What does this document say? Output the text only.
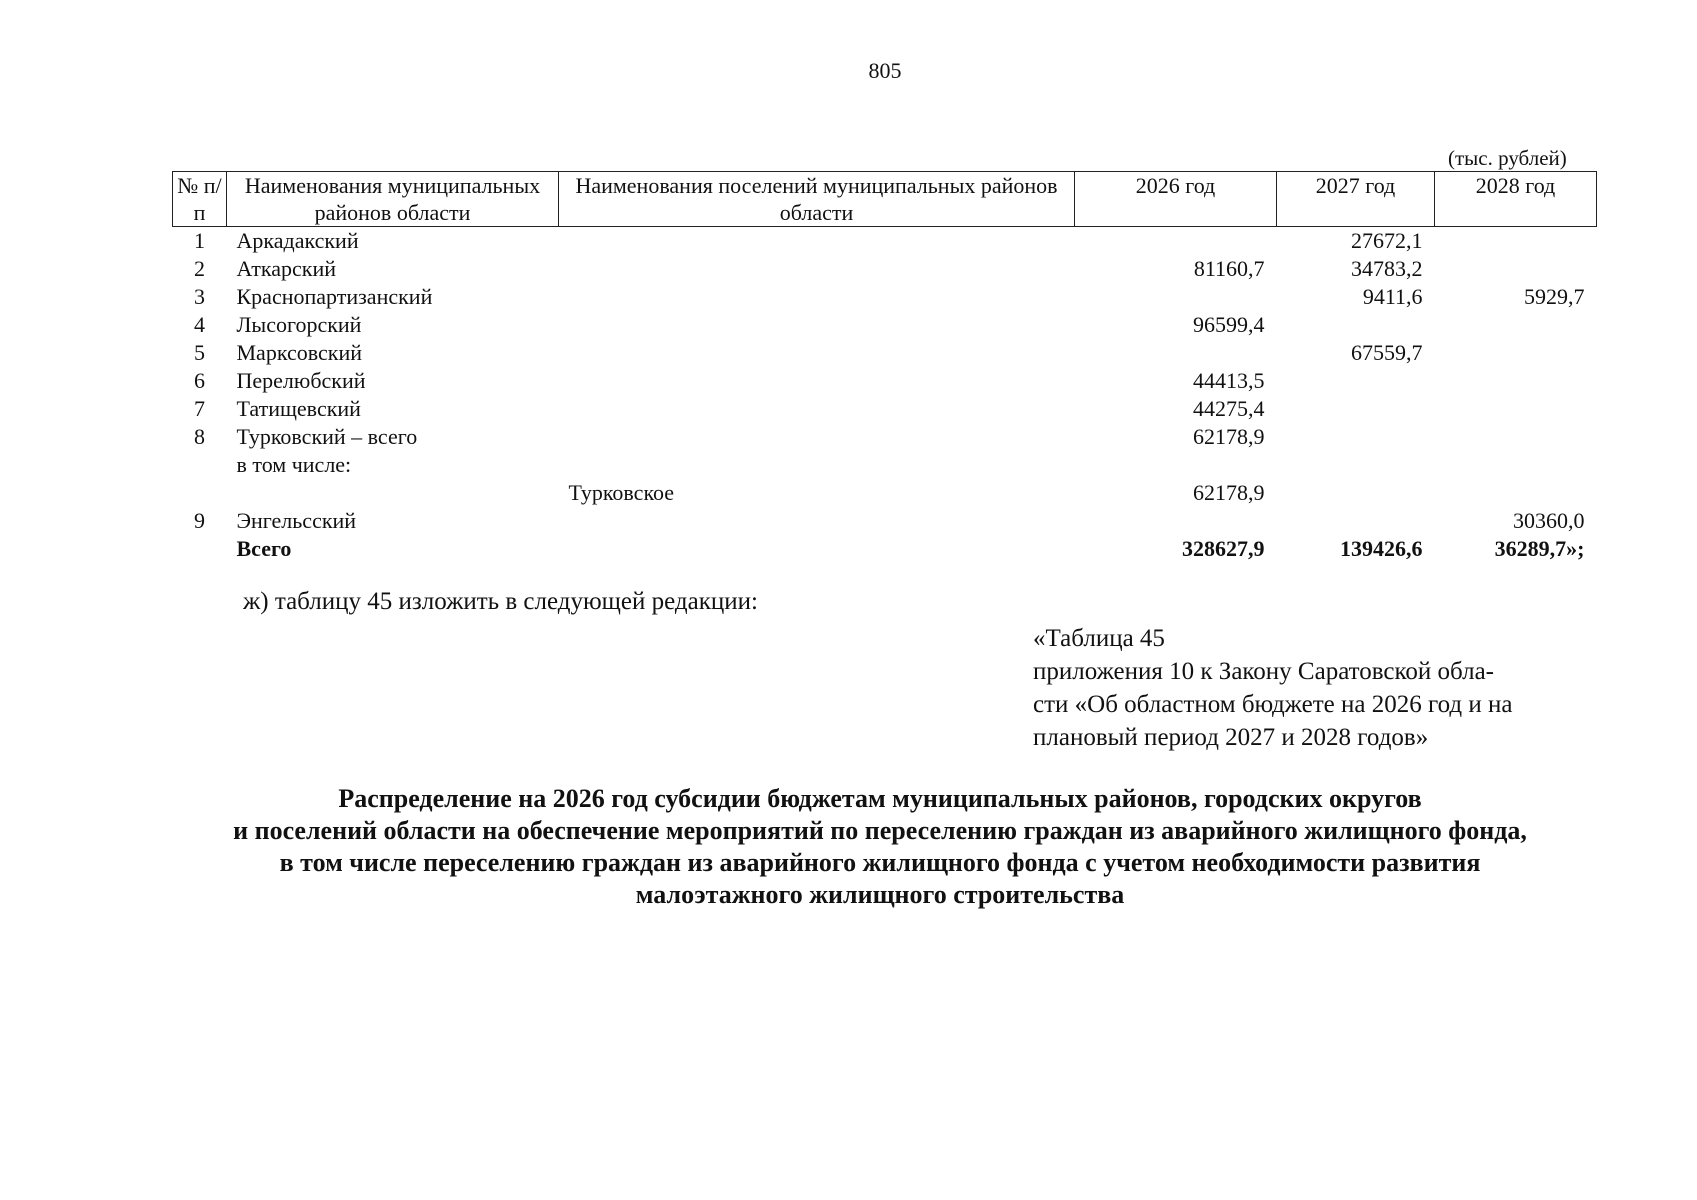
805
(тыс. рублей)
№ п/п	Наименования муниципальных районов области	Наименования поселений муниципальных районов области	2026 год	2027 год	2028 год
1	Аркадакский			27672,1	
2	Аткарский		81160,7	34783,2	
3	Краснопартизанский			9411,6	5929,7
4	Лысогорский		96599,4		
5	Марксовский			67559,7	
6	Перелюбский		44413,5		
7	Татищевский		44275,4		
8	Турковский – всего		62178,9		
	в том числе:				
		Турковское	62178,9		
9	Энгельсский				30360,0
	Всего		328627,9	139426,6	36289,7»;
ж) таблицу 45 изложить в следующей редакции:
«Таблица 45
приложения 10 к Закону Саратовской обла-
сти «Об областном бюджете на 2026 год и на
плановый период 2027 и 2028 годов»
Распределение на 2026 год субсидии бюджетам муниципальных районов, городских округов
и поселений области на обеспечение мероприятий по переселению граждан из аварийного жилищного фонда,
в том числе переселению граждан из аварийного жилищного фонда с учетом необходимости развития
малоэтажного жилищного строительства
